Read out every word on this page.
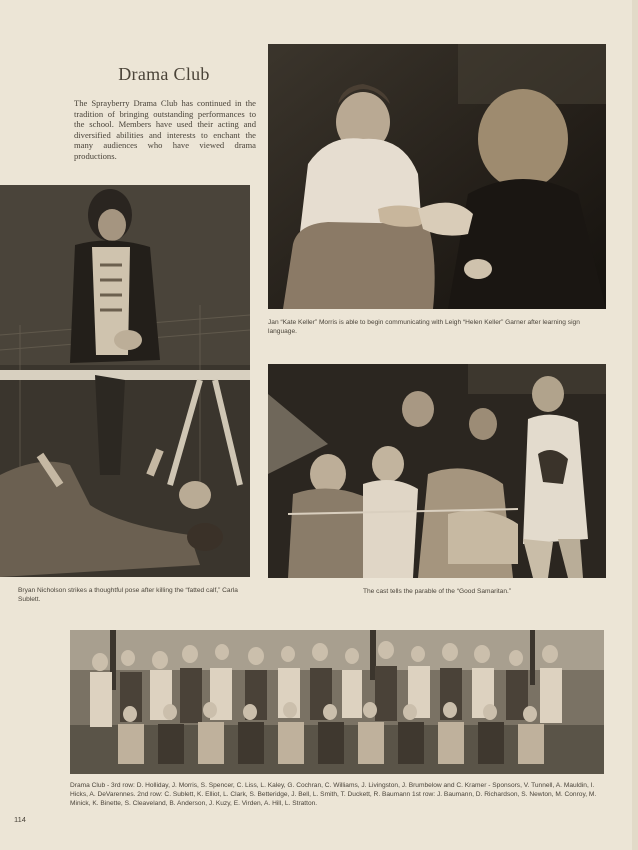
Drama Club
The Sprayberry Drama Club has continued in the tradition of bringing outstanding performances to the school. Members have used their acting and diversified abilities and interests to enchant the many audiences who have viewed drama productions.
Jan “Kate Keller” Morris is able to begin communicating with Leigh “Helen Keller” Garner after learning sign language.
Bryan Nicholson strikes a thoughtful pose after killing the “fatted calf,” Carla Sublett.
The cast tells the parable of the “Good Samaritan.”
Drama Club - 3rd row: D. Holliday, J. Morris, S. Spencer, C. Liss, L. Kaley, G. Cochran, C. Williams, J. Livingston, J. Brumbelow and C. Kramer - Sponsors, V. Tunnell, A. Mauldin, I. Hicks, A. DeVarennes. 2nd row: C. Sublett, K. Elliot, L. Clark, S. Betteridge, J. Bell, L. Smith, T. Duckett, R. Baumann 1st row: J. Baumann, D. Richardson, S. Newton, M. Conroy, M. Minick, K. Binette, S. Cleaveland, B. Anderson, J. Kuzy, E. Virden, A. Hill, L. Stratton.
114
